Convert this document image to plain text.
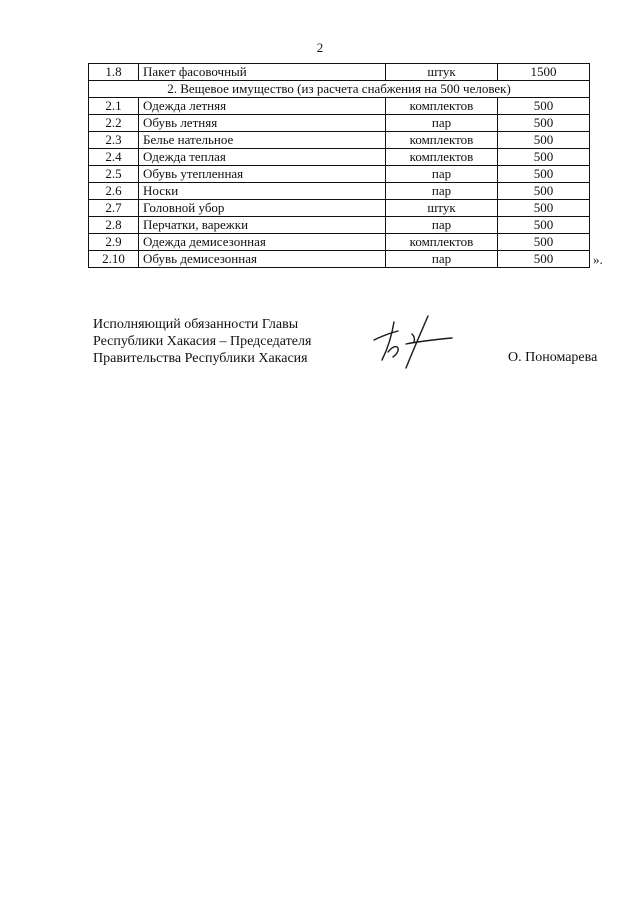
2
1.8	Пакет фасовочный	штук	1500
2. Вещевое имущество (из расчета снабжения на 500 человек)			
2.1	Одежда летняя	комплектов	500
2.2	Обувь летняя	пар	500
2.3	Белье нательное	комплектов	500
2.4	Одежда теплая	комплектов	500
2.5	Обувь утепленная	пар	500
2.6	Носки	пар	500
2.7	Головной убор	штук	500
2.8	Перчатки, варежки	пар	500
2.9	Одежда демисезонная	комплектов	500
2.10	Обувь демисезонная	пар	500	».
Исполняющий обязанности Главы
Республики Хакасия – Председателя
Правительства Республики Хакасия	О. Пономарева
